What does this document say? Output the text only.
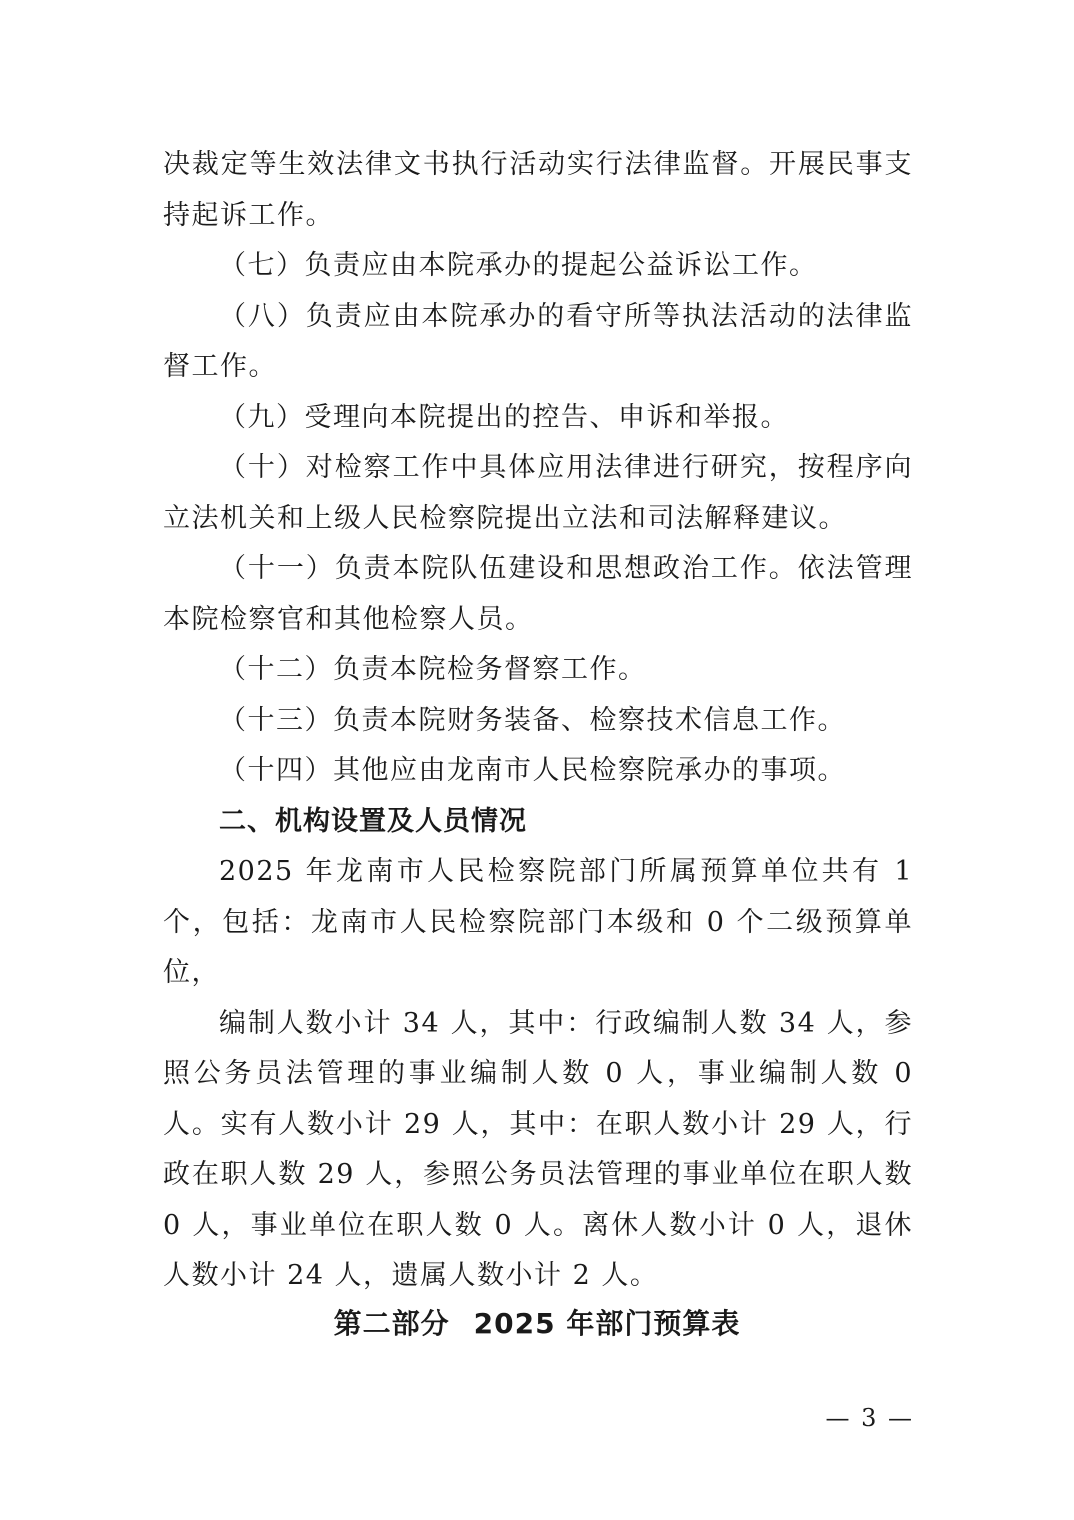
决裁定等生效法律文书执行活动实行法律监督。开展民事支持起诉工作。

（七）负责应由本院承办的提起公益诉讼工作。

（八）负责应由本院承办的看守所等执法活动的法律监督工作。

（九）受理向本院提出的控告、申诉和举报。

（十）对检察工作中具体应用法律进行研究，按程序向立法机关和上级人民检察院提出立法和司法解释建议。

（十一）负责本院队伍建设和思想政治工作。依法管理本院检察官和其他检察人员。

（十二）负责本院检务督察工作。

（十三）负责本院财务装备、检察技术信息工作。

（十四）其他应由龙南市人民检察院承办的事项。

二、机构设置及人员情况

2025 年龙南市人民检察院部门所属预算单位共有 1 个，包括：龙南市人民检察院部门本级和 0 个二级预算单位，

编制人数小计 34 人，其中：行政编制人数 34 人，参照公务员法管理的事业编制人数 0 人，事业编制人数 0 人。实有人数小计 29 人，其中：在职人数小计 29 人，行政在职人数 29 人，参照公务员法管理的事业单位在职人数 0 人，事业单位在职人数 0 人。离休人数小计 0 人，退休人数小计 24 人，遗属人数小计 2 人。

第二部分 2025 年部门预算表
— 3 —
